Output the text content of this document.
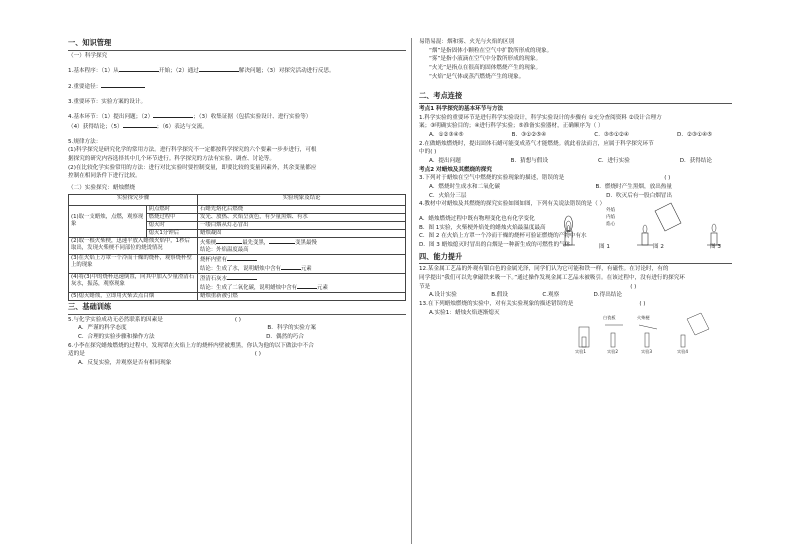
一、知识管理

（一）科学探究

1.基本程序：（1）从	开始；（2）通过	解决问题；（3）对探究活动进行反思。

2.重要途径：

3.重要环节：实验方案的设计。

4.基本环节：（1）提出问题；（2）	；（3）收集证据（包括实验设计、进行实验等）

（4）获得结论；（5）	；（6）表达与交流。

5.规律方法：

(1)科学探究是研究化学的常用方法。进行科学探究不一定都按科学探究的六个要素一步步进行，可根

据探究的研究内容选择其中几个环节进行。科学探究的方法有实验、调查、讨论等。

(2)在比较化学实验常用的方法：进行对比实验时要控制变量，即要比较的变量因素外，其余变量都应

控制在相同条件下进行比较。

（二）实验探究：蜡烛燃烧

实验探究步骤		实验现象及结论
(1)取一支蜡烛，点燃，观察现象	阴点燃时	石蜡先熔化后燃烧
	燃烧过程中	发光、放热、火焰呈黄色，有少量黑烟、有水
	熄灭时	一缕白烟从灯芯冒出
	熄灭1分钟后	蜡烛凝固
(2)取一根火柴梗，迅速平放入蜡烛火焰中，1秒后取出，发现火柴梗不同部位的烧烫情况		火柴梗 最先变黑， 变黑最慢
结论：外焰温度最高

(3)在火焰上方罩一个冷而干燥的烧杯，观察烧杯壁上的现象		烧杯内壁有
结论：生成了水，说明蜡烛中含有 元素

(4)将(3)中的烧杯迅速倒置，向其中加入少量澄清石灰水，振荡，观察现象		澄清石灰水
结论：生成了二氧化碳，说明蜡烛中含有 元素

(5)熄灭蜡烛，立即用火柴去点白烟		蜡烛重新被引燃

三、基础训练

5.与化学实验成功无必然联系的因素是	( )

A．严谨的科学态度	B．科学的实验方案
C．合理的实验步骤和操作方法	D．偶然的巧合

6.小李在探究蜡烛燃烧的过程中，发现罩在火焰上方的烧杯内壁被熏黑，你认为他的以下做法中不合

适的是	( )

A．反复实验，并观察是否有相同现象

易错易混：烟和雾、火光与火焰的区别

“烟”是指固体小颗粒在空气中扩散所形成的现象。

“雾”是指小液滴在空气中分散所形成的现象。

“火光”是指点在很高的固体燃烧产生的现象。

“火焰”是气体或蒸汽燃烧产生的现象。

二、考点连接

考点1 科学探究的基本环节与方法

1.科学实验的重要环节是进行科学实验设计，科学实验设计的步骤有 ①充分查阅资料 ②设计合理方

案；③明确实验目的；④进行科学实验；⑤准备实验器材，正确顺序为（ ）

A．①②③④⑤	B．③①②⑤④	C．③⑤①②④	D．②③①④⑤

2.在做蜡烛燃烧时，提出固体石蜡可能变成蒸气才能燃烧。就此看法而言，应属于科学探究环节

中的( )

A．提出问题	B．猜想与假设	C．进行实验	D．获得结论

考点2 对蜡烛及其燃烧的探究

3.下列对于蜡烛在空气中燃烧的实验现象的描述，错误的是	( )

A．燃烧时生成水和二氧化碳	B．燃烧时产生黑烟，放出热量
C．火焰分三层	D．吹灭后有一股白烟冒出

4.教材中对蜡烛及其燃烧的探究实验如图如图，下列有关说法错误的是（ ）

外焰
内焰
焰心
图 1	图 2	图 3

A．蜡烛燃烧过程中既有物理变化也有化学变化

B．图 1实验，火柴梗外焰处的蜡烛火焰最温度最高

C．图 2 在火焰上方罩一个冷而干燥的烧杯可验证燃烧的产物中有水

D．图 3 蜡烛熄灭时冒出的白烟是一种新生成的可燃性的气体

四、能力提升

12.某金属工艺品的外观有银白色的金属光泽，同学们认为它可能和铁一样，有磁性。在讨论时，有的

同学提出“我们可以先拿磁铁来吸一下。”通过操作发现金属工艺品未被吸引。在该过程中，没有进行的探究环

节是	( )

A.设计实验	B.假设	C.观察	D.得出结论

13.在下列蜡烛燃烧的实验中，对有关实验现象的描述错误的是	( )

A.实验1：蜡烛火焰逐渐熄灭

白瓷板	火柴梗
实验1	实验2	实验3	实验4
